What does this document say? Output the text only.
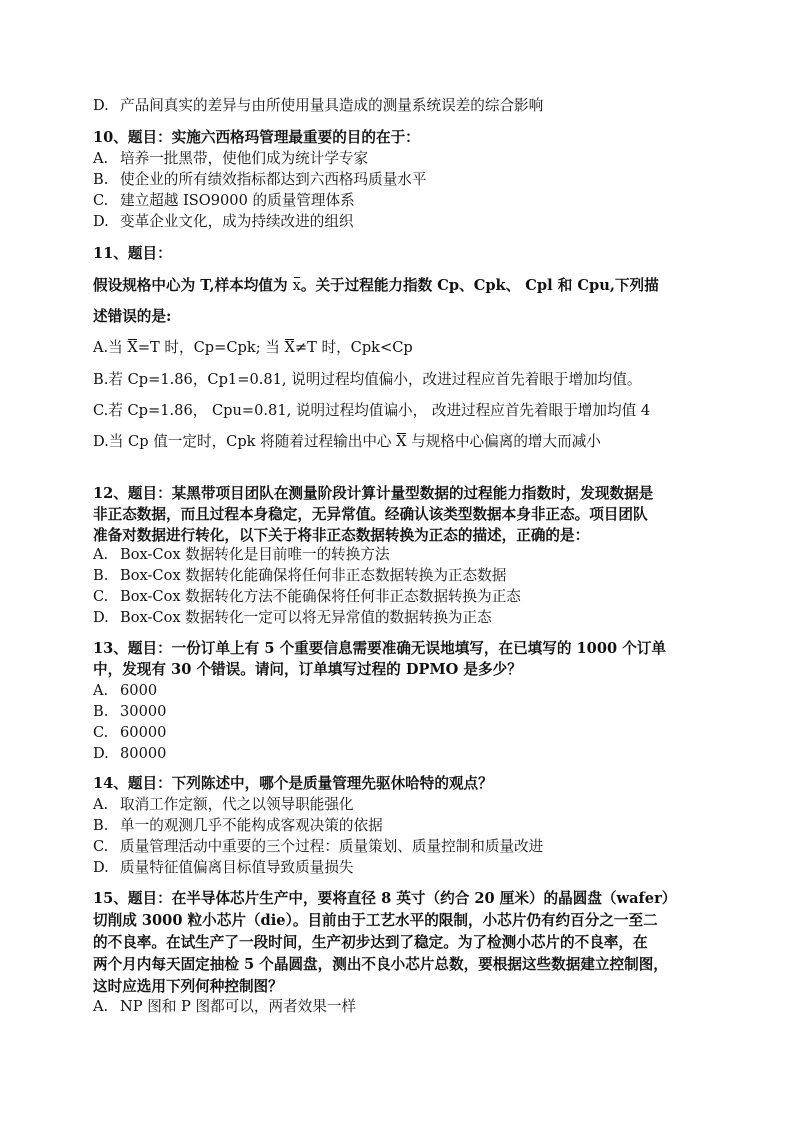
D. 产品间真实的差异与由所使用量具造成的测量系统误差的综合影响
10、题目：实施六西格玛管理最重要的目的在于：
A. 培养一批黑带，使他们成为统计学专家
B. 使企业的所有绩效指标都达到六西格玛质量水平
C. 建立超越 ISO9000 的质量管理体系
D. 变革企业文化，成为持续改进的组织
11、题目：
假设规格中心为 T,样本均值为 x。关于过程能力指数 Cp、Cpk、 Cpl 和 Cpu,下列描
述错误的是:
A.当 X=T 时，Cp=Cpk; 当 X≠T 时，Cpk<Cp
B.若 Cp=1.86，Cp1=0.81, 说明过程均值偏小，改进过程应首先着眼于增加均值。
C.若 Cp=1.86， Cpu=0.81, 说明过程均值谝小， 改进过程应首先着眼于增加均值 4
D.当 Cp 值一定时，Cpk 将随着过程输出中心 X 与规格中心偏离的增大而减小
12、题目：某黑带项目团队在测量阶段计算计量型数据的过程能力指数时，发现数据是
非正态数据，而且过程本身稳定，无异常值。经确认该类型数据本身非正态。项目团队
准备对数据进行转化，以下关于将非正态数据转换为正态的描述，正确的是：
A. Box-Cox 数据转化是目前唯一的转换方法
B. Box-Cox 数据转化能确保将任何非正态数据转换为正态数据
C. Box-Cox 数据转化方法不能确保将任何非正态数据转换为正态
D. Box-Cox 数据转化一定可以将无异常值的数据转换为正态
13、题目：一份订单上有 5 个重要信息需要准确无误地填写，在已填写的 1000 个订单
中，发现有 30 个错误。请问，订单填写过程的 DPMO 是多少？
A. 6000
B. 30000
C. 60000
D. 80000
14、题目：下列陈述中，哪个是质量管理先驱休哈特的观点？
A. 取消工作定额，代之以领导职能强化
B. 单一的观测几乎不能构成客观决策的依据
C. 质量管理活动中重要的三个过程：质量策划、质量控制和质量改进
D. 质量特征值偏离目标值导致质量损失
15、题目：在半导体芯片生产中，要将直径 8 英寸（约合 20 厘米）的晶圆盘（wafer）
切削成 3000 粒小芯片（die）。目前由于工艺水平的限制，小芯片仍有约百分之一至二
的不良率。在试生产了一段时间，生产初步达到了稳定。为了检测小芯片的不良率，在
两个月内每天固定抽检 5 个晶圆盘，测出不良小芯片总数，要根据这些数据建立控制图，
这时应选用下列何种控制图？
A. NP 图和 P 图都可以，两者效果一样
